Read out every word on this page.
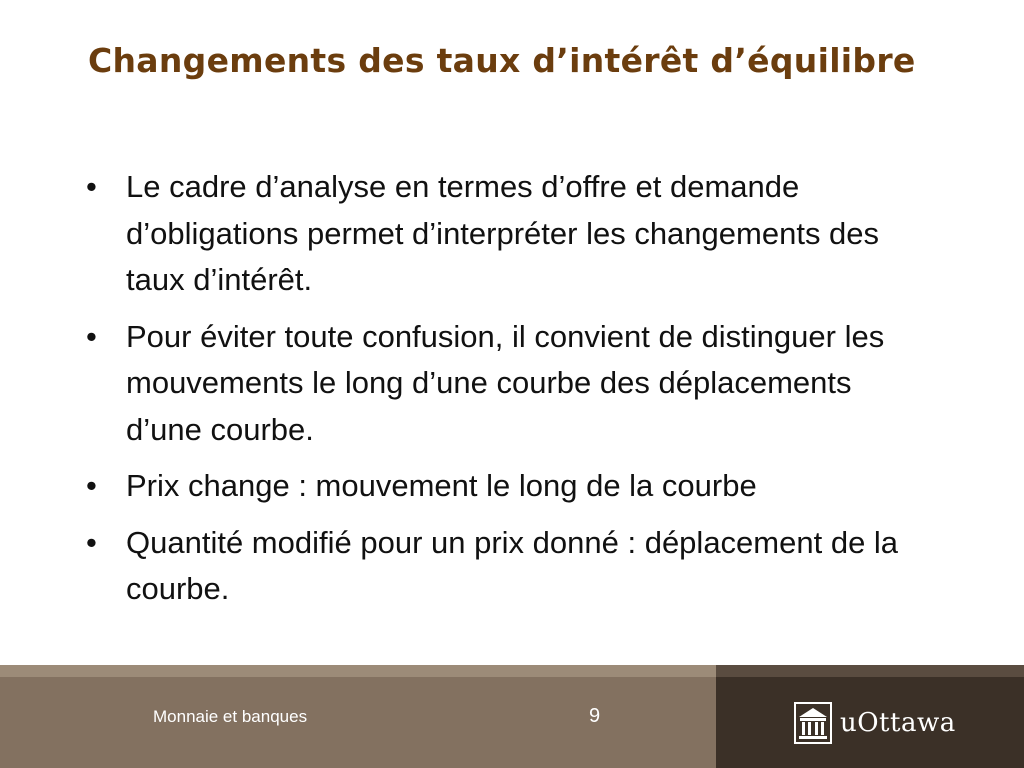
Changements des taux d’intérêt d’équilibre
• Le cadre d’analyse en termes d’offre et demande d’obligations permet d’interpréter les changements des taux d’intérêt.
• Pour éviter toute confusion, il convient de distinguer les mouvements le long d’une courbe des déplacements d’une courbe.
• Prix change : mouvement le long de la courbe
• Quantité modifié pour un prix donné : déplacement de la courbe.
Monnaie et banques	9	uOttawa
